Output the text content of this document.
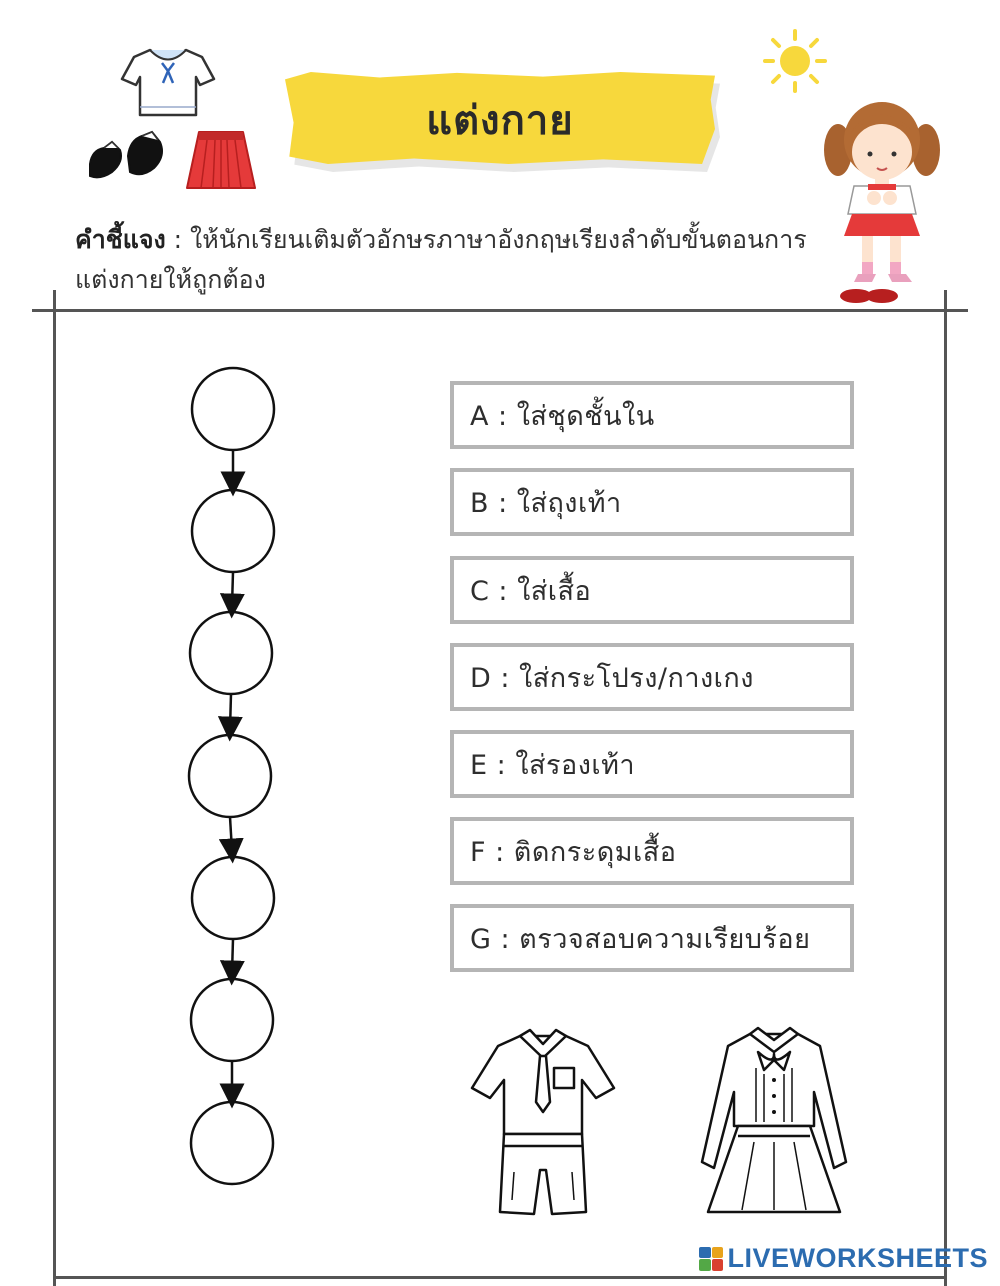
แต่งกาย
คำชี้แจง : ให้นักเรียนเติมตัวอักษรภาษาอังกฤษเรียงลำดับขั้นตอนการแต่งกายให้ถูกต้อง
A : ใส่ชุดชั้นใน
B : ใส่ถุงเท้า
C : ใส่เสื้อ
D : ใส่กระโปรง/กางเกง
E : ใส่รองเท้า
F : ติดกระดุมเสื้อ
G : ตรวจสอบความเรียบร้อย
LIVEWORKSHEETS
